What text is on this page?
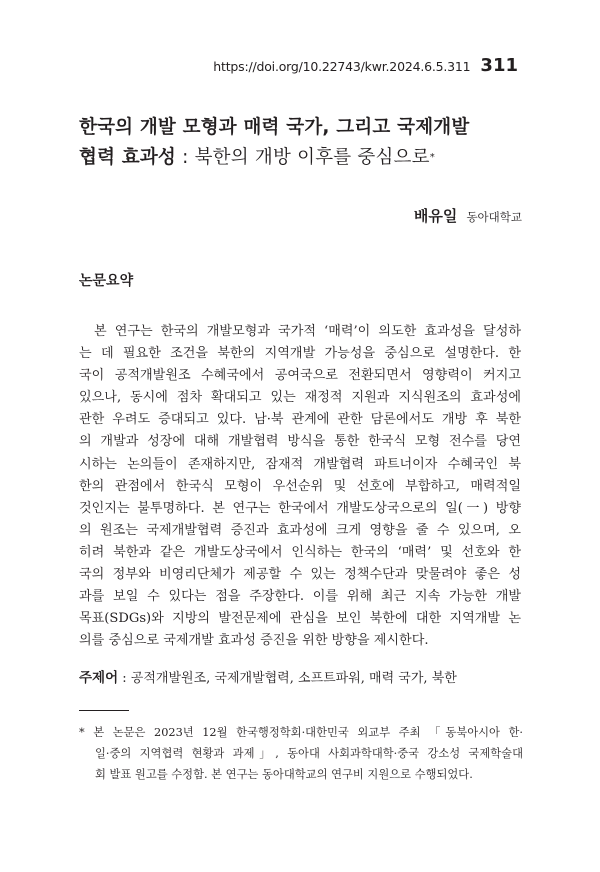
https://doi.org/10.22743/kwr.2024.6.5.311 311
한국의 개발 모형과 매력 국가, 그리고 국제개발
협력 효과성 : 북한의 개방 이후를 중심으로*
배유일 동아대학교
논문요약
본 연구는 한국의 개발모형과 국가적 ‘매력’이 의도한 효과성을 달성하
는 데 필요한 조건을 북한의 지역개발 가능성을 중심으로 설명한다. 한
국이 공적개발원조 수혜국에서 공여국으로 전환되면서 영향력이 커지고
있으나, 동시에 점차 확대되고 있는 재정적 지원과 지식원조의 효과성에
관한 우려도 증대되고 있다. 남·북 관계에 관한 담론에서도 개방 후 북한
의 개발과 성장에 대해 개발협력 방식을 통한 한국식 모형 전수를 당연
시하는 논의들이 존재하지만, 잠재적 개발협력 파트너이자 수혜국인 북
한의 관점에서 한국식 모형이 우선순위 및 선호에 부합하고, 매력적일
것인지는 불투명하다. 본 연구는 한국에서 개발도상국으로의 일(一) 방향
의 원조는 국제개발협력 증진과 효과성에 크게 영향을 줄 수 있으며, 오
히려 북한과 같은 개발도상국에서 인식하는 한국의 ‘매력’ 및 선호와 한
국의 정부와 비영리단체가 제공할 수 있는 정책수단과 맞물려야 좋은 성
과를 보일 수 있다는 점을 주장한다. 이를 위해 최근 지속 가능한 개발
목표(SDGs)와 지방의 발전문제에 관심을 보인 북한에 대한 지역개발 논
의를 중심으로 국제개발 효과성 증진을 위한 방향을 제시한다.
주제어 : 공적개발원조, 국제개발협력, 소프트파워, 매력 국가, 북한
* 본 논문은 2023년 12월 한국행정학회·대한민국 외교부 주최 「동북아시아 한·
일·중의 지역협력 현황과 과제」, 동아대 사회과학대학·중국 강소성 국제학술대
회 발표 원고를 수정함. 본 연구는 동아대학교의 연구비 지원으로 수행되었다.
